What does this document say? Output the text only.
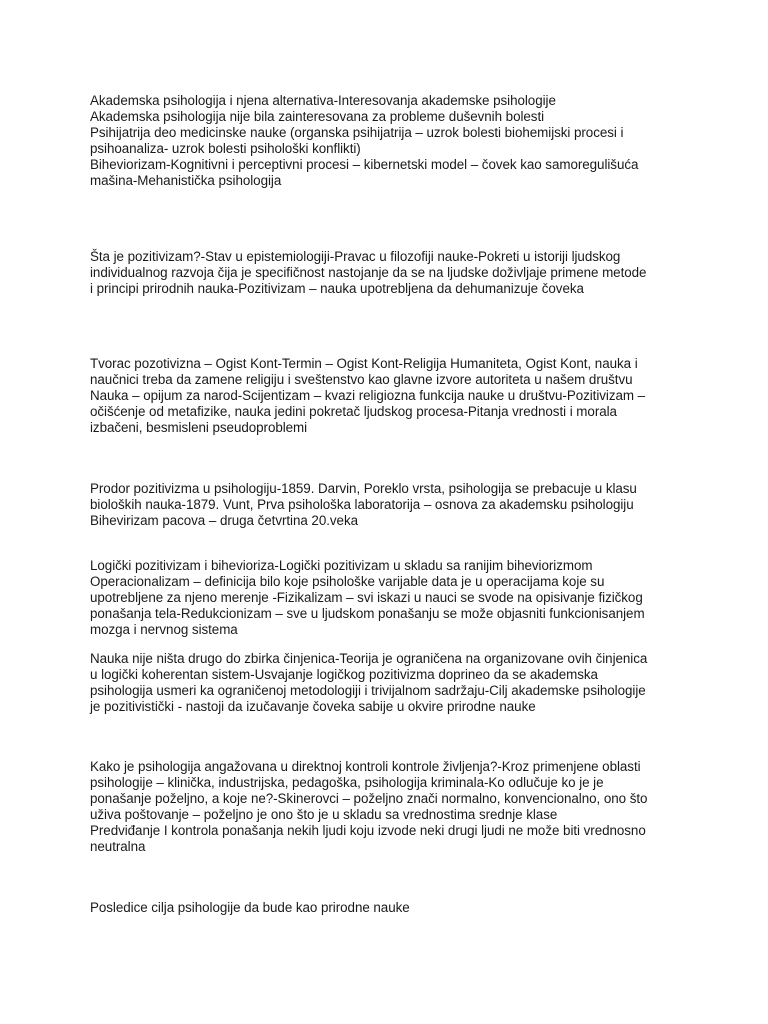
Akademska psihologija i njena alternativa-Interesovanja akademske psihologije
Akademska psihologija nije bila zainteresovana za probleme duševnih bolesti
Psihijatrija deo medicinske nauke (organska psihijatrija – uzrok bolesti biohemijski procesi i
psihoanaliza- uzrok bolesti psihološki konflikti)
Biheviorizam-Kognitivni i perceptivni procesi – kibernetski model – čovek kao samoregulišuća
mašina-Mehanistička psihologija
Šta je pozitivizam?-Stav u epistemiologiji-Pravac u filozofiji nauke-Pokreti u istoriji ljudskog
individualnog razvoja čija je specifičnost nastojanje da se na ljudske doživljaje primene metode
i principi prirodnih nauka-Pozitivizam – nauka upotrebljena da dehumanizuje čoveka
Tvorac pozotivizna – Ogist Kont-Termin – Ogist Kont-Religija Humaniteta, Ogist Kont, nauka i
naučnici treba da zamene religiju i sveštenstvo kao glavne izvore autoriteta u našem društvu
Nauka – opijum za narod-Scijentizam – kvazi religiozna funkcija nauke u društvu-Pozitivizam –
očišćenje od metafizike, nauka jedini pokretač ljudskog procesa-Pitanja vrednosti i morala
izbačeni, besmisleni pseudoproblemi
Prodor pozitivizma u psihologiju-1859. Darvin, Poreklo vrsta, psihologija se prebacuje u klasu
bioloških nauka-1879. Vunt, Prva psihološka laboratorija – osnova za akademsku psihologiju
Bihevirizam pacova – druga četvrtina 20.veka
Logički pozitivizam i bihevioriza-Logički pozitivizam u skladu sa ranijim biheviorizmom
Operacionalizam – definicija bilo koje psihološke varijable data je u operacijama koje su
upotrebljene za njeno merenje -Fizikalizam – svi iskazi u nauci se svode na opisivanje fizičkog
ponašanja tela-Redukcionizam – sve u ljudskom ponašanju se može objasniti funkcionisanjem
mozga i nervnog sistema
Nauka nije ništa drugo do zbirka činjenica-Teorija je ograničena na organizovane ovih činjenica
u logički koherentan sistem-Usvajanje logičkog pozitivizma doprineo da se akademska
psihologija usmeri ka ograničenoj metodologiji i trivijalnom sadržaju-Cilj akademske psihologije
je pozitivistički - nastoji da izučavanje čoveka sabije u okvire prirodne nauke
Kako je psihologija angažovana u direktnoj kontroli kontrole življenja?-Kroz primenjene oblasti
psihologije – klinička, industrijska, pedagoška, psihologija kriminala-Ko odlučuje ko je je
ponašanje poželjno, a koje ne?-Skinerovci – poželjno znači normalno, konvencionalno, ono što
uživa poštovanje – poželjno je ono što je u skladu sa vrednostima srednje klase
Predviđanje I kontrola ponašanja nekih ljudi koju izvode neki drugi ljudi ne može biti vrednosno
neutralna
Posledice cilja psihologije da bude kao prirodne nauke
